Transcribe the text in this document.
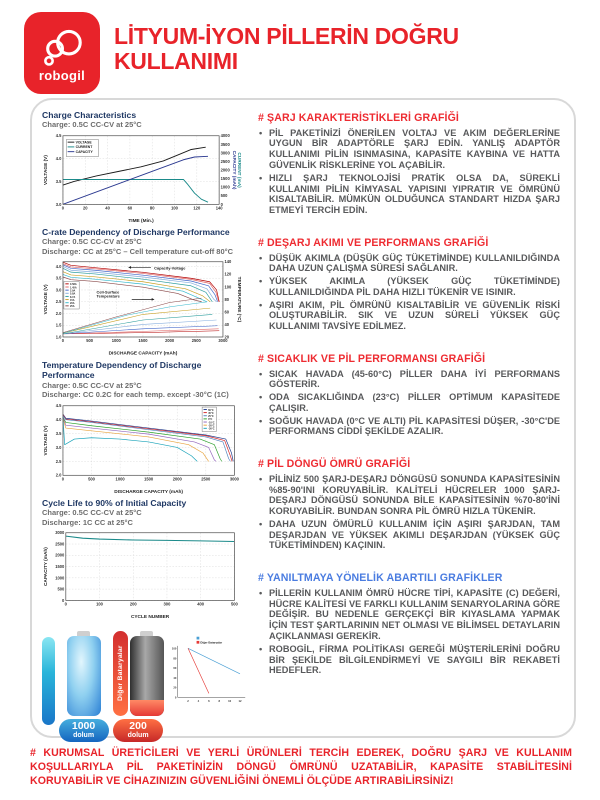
robogil
LİTYUM-İYON PİLLERİN DOĞRU
KULLANIMI
Charge Characteristics
Charge: 0.5C CC-CV at 25°C
0	20	40	60	80	100	120	140
3.0
3.5
4.0
4.5
0
500
1000
1500
2000
2500
3000
3500
4000
TIME (Min.)
VOLTAGE (V)	CAPACITY (mAh) CURRENT (mA)
VOLTAGE
CURRENT
CAPACITY
C-rate Dependency of Discharge Performance
Charge: 0.5C CC-CV at 25°C
Discharge: CC at 25°C – Cell temperature cut-off 80°C
0	500	1000	1500	2000	2500	3000
1.0
1.5
2.0
2.5
3.0
3.5
4.0
20
40
60
80
100
120
140
DISCHARGE CAPACITY (mAh)
VOLTAGE (V)	TEMPERATURE (°C)
0.58A
1.45A
2.9A
5.8A
8.7A
15A
20A
25A
Capacity-Voltage
Cell-Surface
Temperature
Temperature Dependency of Discharge Performance
Charge: 0.5C CC-CV at 25°C
Discharge: CC 0.2C for each temp. except -30°C (1C)
0	500	1000	1500	2000	2500	3000
2.0
2.5
3.0
3.5
4.0
4.5
DISCHARGE CAPACITY (mAh)
VOLTAGE (V)
60°C
45°C
25°C
0°C
-10°C
-20°C
-30°C
Cycle Life to 90% of Initial Capacity
Charge: 0.5C CC-CV at 25°C
Discharge: 1C CC at 25°C
0	100	200	300	400	500
0
500
1000
1500
2000
2500
3000
CYCLE NUMBER
CAPACITY (mAh)
1000
dolum
Diğer Bataryalar
200
dolum
2	4	6	8 10 12
0
20
40
60
80
100
Diğer Bataryalar
# ŞARJ KARAKTERİSTİKLERİ GRAFİĞİ
• PİL PAKETİNİZİ ÖNERİLEN VOLTAJ VE AKIM DEĞERLERİNE UYGUN BİR ADAPTÖRLE ŞARJ EDİN. YANLIŞ ADAPTÖR KULLANIMI PİLİN ISINMASINA, KAPASİTE KAYBINA VE HATTA GÜVENLİK RİSKLERİNE YOL AÇABİLİR.
• HIZLI ŞARJ TEKNOLOJİSİ PRATİK OLSA DA, SÜREKLİ KULLANIMI PİLİN KİMYASAL YAPISINI YIPRATIR VE ÖMRÜNÜ KISALTABİLİR. MÜMKÜN OLDUĞUNCA STANDART HIZDA ŞARJ ETMEYİ TERCİH EDİN.
# DEŞARJ AKIMI VE PERFORMANS GRAFİĞİ
• DÜŞÜK AKIMLA (DÜŞÜK GÜÇ TÜKETİMİNDE) KULLANILDIĞINDA DAHA UZUN ÇALIŞMA SÜRESİ SAĞLANIR.
• YÜKSEK AKIMLA (YÜKSEK GÜÇ TÜKETİMİNDE) KULLANILDIĞINDA PİL DAHA HIZLI TÜKENİR VE ISINIR.
• AŞIRI AKIM, PİL ÖMRÜNÜ KISALTABİLİR VE GÜVENLİK RİSKİ OLUŞTURABİLİR. SIK VE UZUN SÜRELİ YÜKSEK GÜÇ KULLANIMI TAVSİYE EDİLMEZ.
# SICAKLIK VE PİL PERFORMANSI GRAFİĞİ
• SICAK HAVADA (45-60°C) PİLLER DAHA İYİ PERFORMANS GÖSTERİR.
• ODA SICAKLIĞINDA (23°C) PİLLER OPTİMUM KAPASİTEDE ÇALIŞIR.
• SOĞUK HAVADA (0°C VE ALTI) PİL KAPASİTESİ DÜŞER, -30°C'DE PERFORMANS CİDDİ ŞEKİLDE AZALIR.
# PİL DÖNGÜ ÖMRÜ GRAFİĞİ
• PİLİNİZ 500 ŞARJ-DEŞARJ DÖNGÜSÜ SONUNDA KAPASİTESİNİN %85-90'INI KORUYABİLİR. KALİTELİ HÜCRELER 1000 ŞARJ-DEŞARJ DÖNGÜSÜ SONUNDA BİLE KAPASİTESİNİN %70-80'İNİ KORUYABİLİR. BUNDAN SONRA PİL ÖMRÜ HIZLA TÜKENİR.
• DAHA UZUN ÖMÜRLÜ KULLANIM İÇİN AŞIRI ŞARJDAN, TAM DEŞARJDAN VE YÜKSEK AKIMLI DEŞARJDAN (YÜKSEK GÜÇ TÜKETİMİNDEN) KAÇININ.
# YANILTMAYA YÖNELİK ABARTILI GRAFİKLER
• PİLLERİN KULLANIM ÖMRÜ HÜCRE TİPİ, KAPASİTE (C) DEĞERİ, HÜCRE KALİTESİ VE FARKLI KULLANIM SENARYOLARINA GÖRE DEĞİŞİR. BU NEDENLE GERÇEKÇİ BİR KIYASLAMA YAPMAK İÇİN TEST ŞARTLARININ NET OLMASI VE BİLİMSEL DETAYLARIN AÇIKLANMASI GEREKİR.
• ROBOGİL, FİRMA POLİTİKASI GEREĞİ MÜŞTERİLERİNİ DOĞRU BİR ŞEKİLDE BİLGİLENDİRMEYİ VE SAYGILI BİR REKABETİ HEDEFLER.
# KURUMSAL ÜRETİCİLERİ VE YERLİ ÜRÜNLERİ TERCİH EDEREK, DOĞRU ŞARJ VE KULLANIM KOŞULLARIYLA PİL PAKETİNİZİN DÖNGÜ ÖMRÜNÜ UZATABİLİR, KAPASİTE STABİLİTESİNİ KORUYABİLİR VE CİHAZINIZIN GÜVENLİĞİNİ ÖNEMLİ ÖLÇÜDE ARTIRABİLİRSİNİZ!
